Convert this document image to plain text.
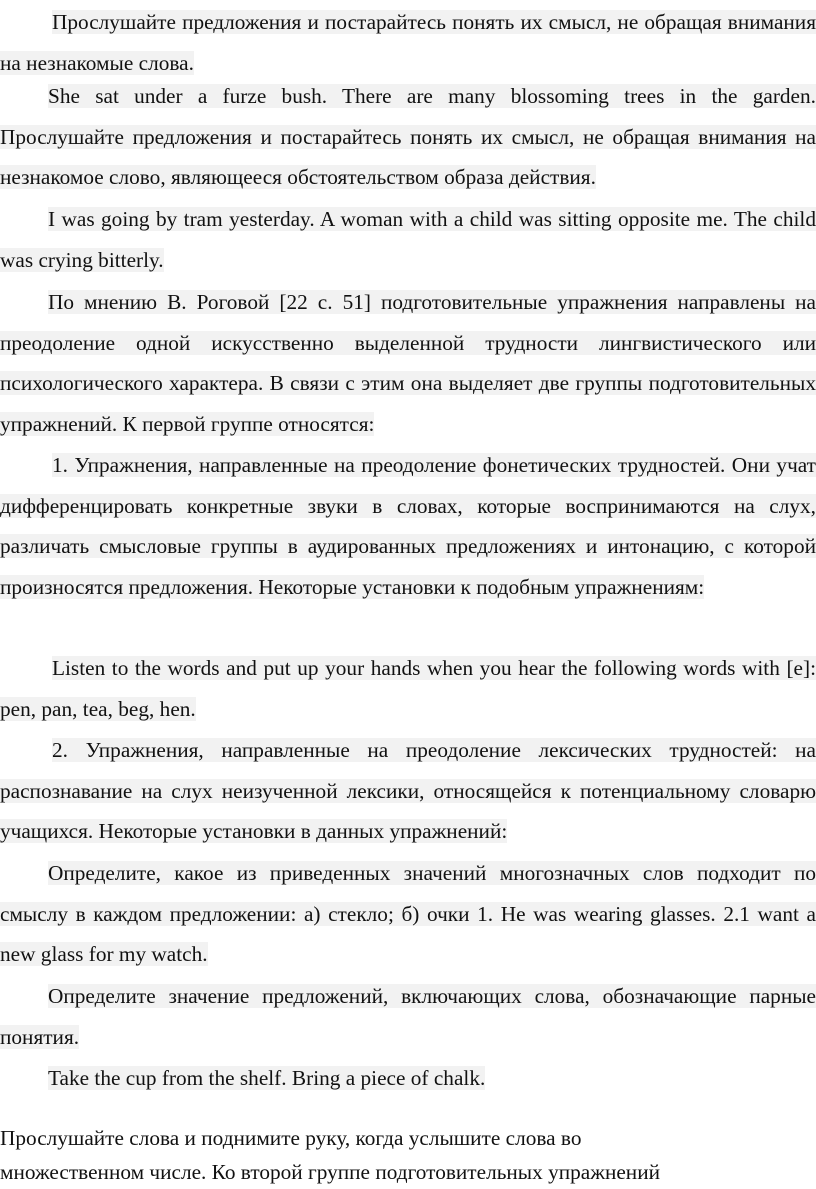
Прослушайте предложения и постарайтесь понять их смысл, не обращая внимания на незнакомые слова.

She sat under a furze bush. There are many blossoming trees in the garden. Прослушайте предложения и постарайтесь понять их смысл, не обращая внимания на незнакомое слово, являющееся обстоятельством образа действия.

I was going by tram yesterday. A woman with a child was sitting opposite me. The child was crying bitterly.

По мнению В. Роговой [22 с. 51] подготовительные упражнения направлены на преодоление одной искусственно выделенной трудности лингвистического или психологического характера. В связи с этим она выделяет две группы подготовительных упражнений. К первой группе относятся:

1. Упражнения, направленные на преодоление фонетических трудностей. Они учат дифференцировать конкретные звуки в словах, которые воспринимаются на слух, различать смысловые группы в аудированных предложениях и интонацию, с которой произносятся предложения. Некоторые установки к подобным упражнениям:

Listen to the words and put up your hands when you hear the following words with [e]: pen, pan, tea, beg, hen.

2. Упражнения, направленные на преодоление лексических трудностей: на распознавание на слух неизученной лексики, относящейся к потенциальному словарю учащихся. Некоторые установки в данных упражнений:

Определите, какое из приведенных значений многозначных слов подходит по смыслу в каждом предложении: а) стекло; б) очки 1. He was wearing glasses. 2.1 want a new glass for my watch.

Определите значение предложений, включающих слова, обозначающие парные понятия.

Take the cup from the shelf. Bring a piece of chalk.

Прослушайте слова и поднимите руку, когда услышите слова во множественном числе. Ко второй группе подготовительных упражнений
